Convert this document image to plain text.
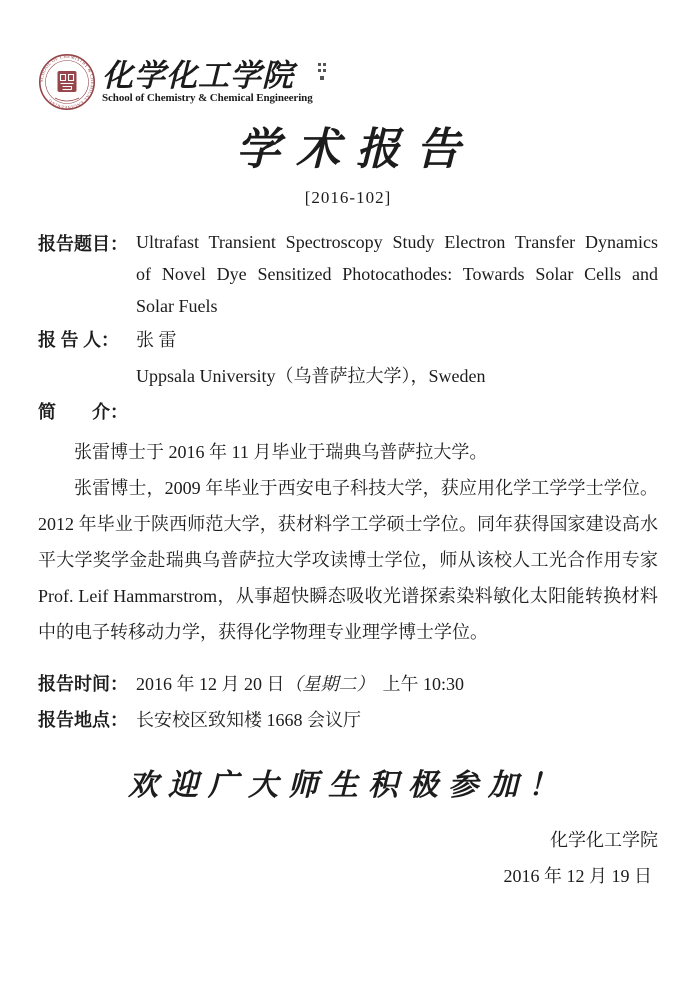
SCHOOL OF CHEMISTRY & CHEMICAL ENGINEERING
化学化工学院
School of Chemistry & Chemical Engineering
学术报告
[2016-102]
报告题目： Ultrafast Transient Spectroscopy Study Electron Transfer Dynamics
of Novel Dye Sensitized Photocathodes: Towards Solar Cells and
Solar Fuels
报 告 人： 张 雷
Uppsala University（乌普萨拉大学），Sweden
简　　介：

张雷博士于 2016 年 11 月毕业于瑞典乌普萨拉大学。

张雷博士，2009 年毕业于西安电子科技大学，获应用化学工学学士学位。2012 年毕业于陕西师范大学，获材料学工学硕士学位。同年获得国家建设高水平大学奖学金赴瑞典乌普萨拉大学攻读博士学位，师从该校人工光合作用专家 Prof. Leif Hammarstrom，从事超快瞬态吸收光谱探索染料敏化太阳能转换材料中的电子转移动力学，获得化学物理专业理学博士学位。

报告时间： 2016 年 12 月 20 日（星期二） 上午 10:30
报告地点： 长安校区致知楼 1668 会议厅
欢迎广大师生积极参加！
化学化工学院
2016 年 12 月 19 日
